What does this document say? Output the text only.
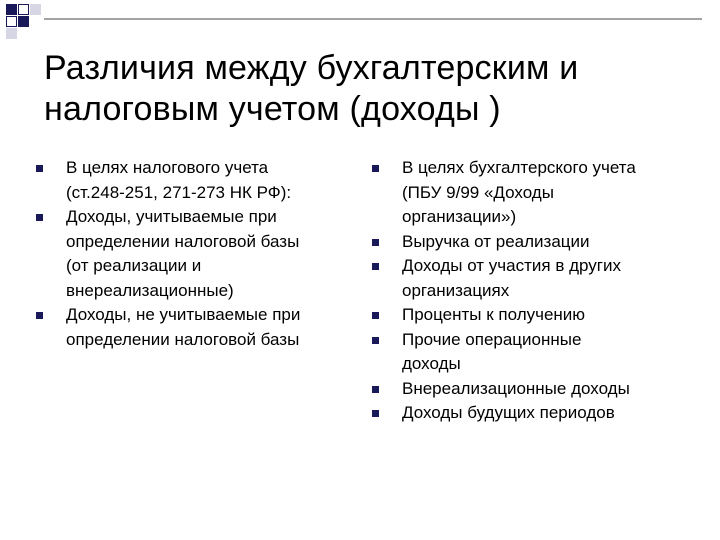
Различия между бухгалтерским и
налоговым учетом (доходы )
В целях налогового учета
(ст.248-251, 271-273 НК РФ):
Доходы, учитываемые при
определении налоговой базы
(от реализации и
внереализационные)
Доходы, не учитываемые при
определении налоговой базы
В целях бухгалтерского учета
(ПБУ 9/99 «Доходы
организации»)
Выручка от реализации
Доходы от участия в других
организациях
Проценты к получению
Прочие операционные
доходы
Внереализационные доходы
Доходы будущих периодов
